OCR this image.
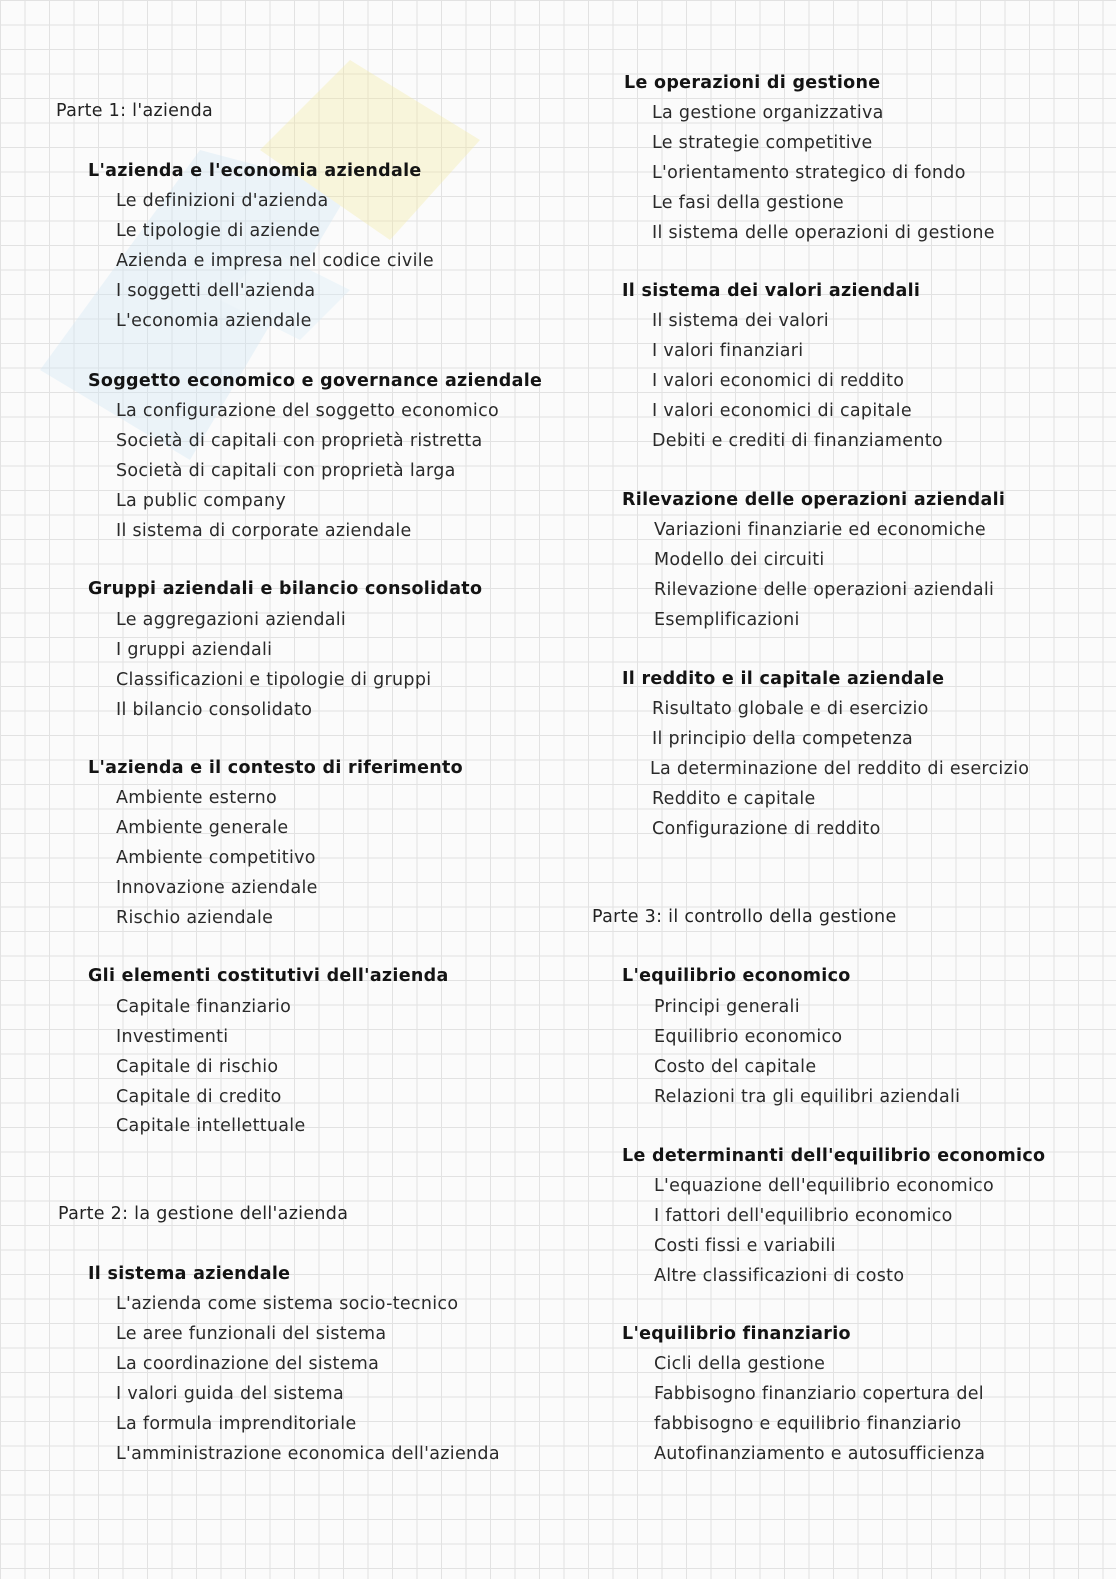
Parte 1: l'azienda
L'azienda e l'economia aziendale
Le definizioni d'azienda
Le tipologie di aziende
Azienda e impresa nel codice civile
I soggetti dell'azienda
L'economia aziendale
Soggetto economico e governance aziendale
La configurazione del soggetto economico
Società di capitali con proprietà ristretta
Società di capitali con proprietà larga
La public company
Il sistema di corporate aziendale
Gruppi aziendali e bilancio consolidato
Le aggregazioni aziendali
I gruppi aziendali
Classificazioni e tipologie di gruppi
Il bilancio consolidato
L'azienda e il contesto di riferimento
Ambiente esterno
Ambiente generale
Ambiente competitivo
Innovazione aziendale
Rischio aziendale
Gli elementi costitutivi dell'azienda
Capitale finanziario
Investimenti
Capitale di rischio
Capitale di credito
Capitale intellettuale
Parte 2: la gestione dell'azienda
Il sistema aziendale
L'azienda come sistema socio-tecnico
Le aree funzionali del sistema
La coordinazione del sistema
I valori guida del sistema
La formula imprenditoriale
L'amministrazione economica dell'azienda
Le operazioni di gestione
La gestione organizzativa
Le strategie competitive
L'orientamento strategico di fondo
Le fasi della gestione
Il sistema delle operazioni di gestione
Il sistema dei valori aziendali
Il sistema dei valori
I valori finanziari
I valori economici di reddito
I valori economici di capitale
Debiti e crediti di finanziamento
Rilevazione delle operazioni aziendali
Variazioni finanziarie ed economiche
Modello dei circuiti
Rilevazione delle operazioni aziendali
Esemplificazioni
Il reddito e il capitale aziendale
Risultato globale e di esercizio
Il principio della competenza
La determinazione del reddito di esercizio
Reddito e capitale
Configurazione di reddito
Parte 3: il controllo della gestione
L'equilibrio economico
Principi generali
Equilibrio economico
Costo del capitale
Relazioni tra gli equilibri aziendali
Le determinanti dell'equilibrio economico
L'equazione dell'equilibrio economico
I fattori dell'equilibrio economico
Costi fissi e variabili
Altre classificazioni di costo
L'equilibrio finanziario
Cicli della gestione
Fabbisogno finanziario copertura del
fabbisogno e equilibrio finanziario
Autofinanziamento e autosufficienza
